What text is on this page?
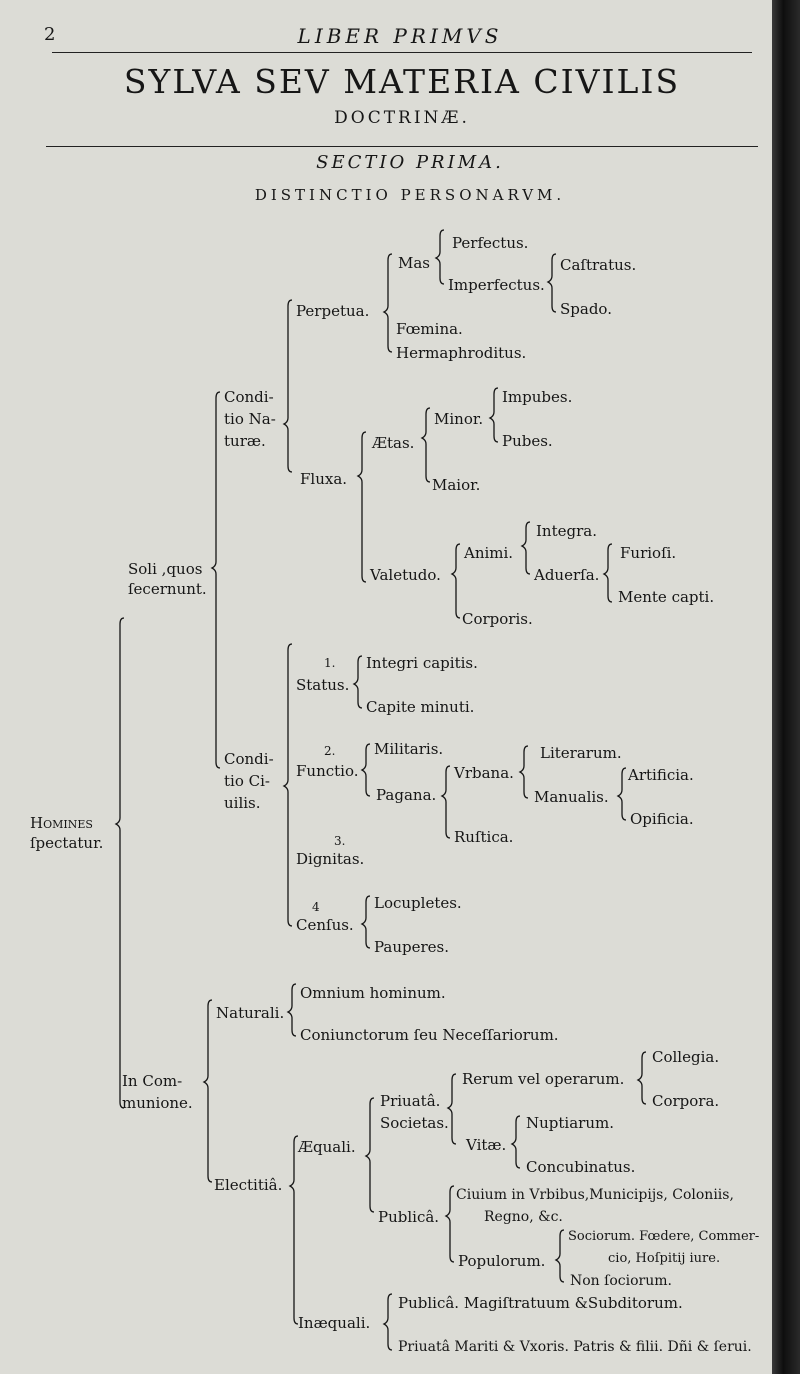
2	LIBER PRIMVS
SYLVA SEV MATERIA CIVILIS
DOCTRINÆ.
SECTIO PRIMA.
DISTINCTIO PERSONARVM.
Homines
ſpectatur.
Soli ,quos
ſecernunt.
Condi-
tio Na-
turæ.
Perpetua.
Mas
Perfectus.
Imperfectus.
Caſtratus.
Spado.
Fœmina.
Hermaphroditus.
Fluxa.
Ætas.
Minor.
Impubes.
Pubes.
Maior.
Valetudo.
Animi.
Integra.
Aduerſa.
Furioſi.
Mente capti.
Corporis.
Condi-
tio Ci-
uilis.
1.
Status.
Integri capitis.
Capite minuti.
2.
Functio.
Militaris.
Pagana.
Vrbana.
Literarum.
Manualis.
Artificia.
Opificia.
Ruſtica.
3.
Dignitas.
4
Cenſus.
Locupletes.
Pauperes.
In Com-
munione.
Naturali.
Omnium hominum.
Coniunctorum ſeu Neceſſariorum.
Electitiâ.
Æquali.
Priuatâ.
Societas.
Rerum vel operarum.
Collegia.
Corpora.
Vitæ.
Nuptiarum.
Concubinatus.
Publicâ.
Ciuium in Vrbibus,Municipijs, Coloniis,
Regno, &c.
Populorum.
Sociorum. Fœdere, Commer-
cio, Hoſpitij iure.
Non ſociorum.
Inæquali.
Publicâ. Magiſtratuum &Subditorum.
Priuatâ Mariti & Vxoris. Patris & filii. Dñi & ſerui.
